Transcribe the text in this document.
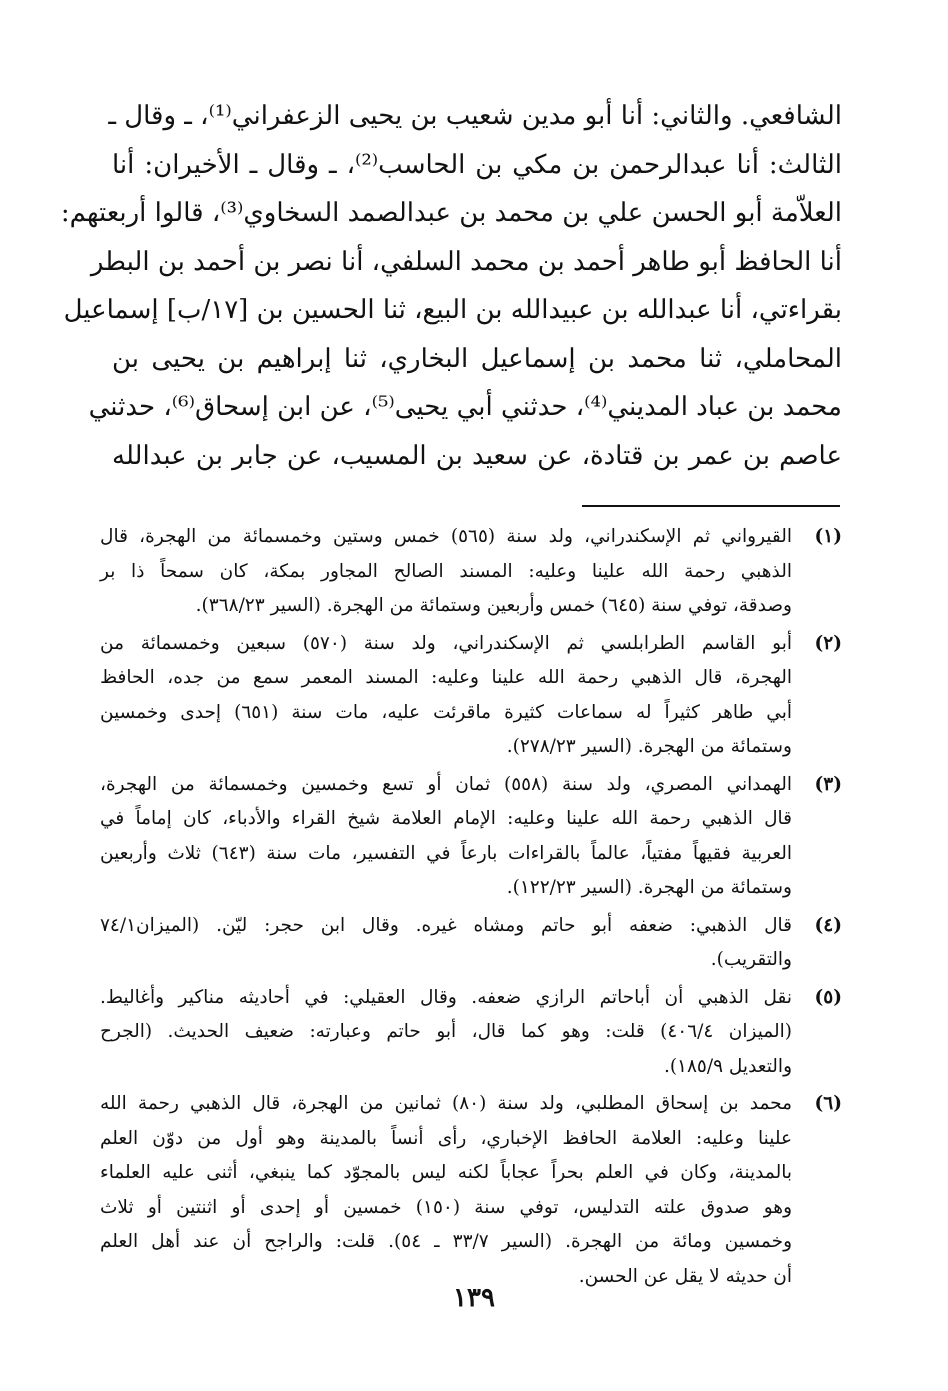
الشافعي. والثاني: أنا أبو مدين شعيب بن يحيى الزعفراني⁽¹⁾، ـ وقال ـ
الثالث: أنا عبدالرحمن بن مكي بن الحاسب⁽²⁾، ـ وقال ـ الأخيران: أنا
العلاّمة أبو الحسن علي بن محمد بن عبدالصمد السخاوي⁽³⁾، قالوا أربعتهم:
أنا الحافظ أبو طاهر أحمد بن محمد السلفي، أنا نصر بن أحمد بن البطر
بقراءتي، أنا عبدالله بن عبيدالله بن البيع، ثنا الحسين بن [١٧/ب] إسماعيل
المحاملي، ثنا محمد بن إسماعيل البخاري، ثنا إبراهيم بن يحيى بن
محمد بن عباد المديني⁽⁴⁾، حدثني أبي يحيى⁽⁵⁾، عن ابن إسحاق⁽⁶⁾، حدثني
عاصم بن عمر بن قتادة، عن سعيد بن المسيب، عن جابر بن عبدالله
(١)
القيرواني ثم الإسكندراني، ولد سنة (٥٦٥) خمس وستين وخمسمائة من الهجرة، قال
الذهبي رحمة الله علينا وعليه: المسند الصالح المجاور بمكة، كان سمحاً ذا بر
وصدقة، توفي سنة (٦٤٥) خمس وأربعين وستمائة من الهجرة. (السير ٣٦٨/٢٣).
(٢)
أبو القاسم الطرابلسي ثم الإسكندراني، ولد سنة (٥٧٠) سبعين وخمسمائة من
الهجرة، قال الذهبي رحمة الله علينا وعليه: المسند المعمر سمع من جده، الحافظ
أبي طاهر كثيراً له سماعات كثيرة ماقرئت عليه، مات سنة (٦٥١) إحدى وخمسين
وستمائة من الهجرة. (السير ٢٧٨/٢٣).
(٣)
الهمداني المصري، ولد سنة (٥٥٨) ثمان أو تسع وخمسين وخمسمائة من الهجرة،
قال الذهبي رحمة الله علينا وعليه: الإمام العلامة شيخ القراء والأدباء، كان إماماً في
العربية فقيهاً مفتياً، عالماً بالقراءات بارعاً في التفسير، مات سنة (٦٤٣) ثلاث وأربعين
وستمائة من الهجرة. (السير ١٢٢/٢٣).
(٤)
قال الذهبي: ضعفه أبو حاتم ومشاه غيره. وقال ابن حجر: ليّن. (الميزان٧٤/١
والتقريب).
(٥)
نقل الذهبي أن أباحاتم الرازي ضعفه. وقال العقيلي: في أحاديثه مناكير وأغاليط.
(الميزان ٤٠٦/٤) قلت: وهو كما قال، أبو حاتم وعبارته: ضعيف الحديث. (الجرح
والتعديل ١٨٥/٩).
(٦)
محمد بن إسحاق المطلبي، ولد سنة (٨٠) ثمانين من الهجرة، قال الذهبي رحمة الله
علينا وعليه: العلامة الحافظ الإخباري، رأى أنساً بالمدينة وهو أول من دوّن العلم
بالمدينة، وكان في العلم بحراً عجاباً لكنه ليس بالمجوّد كما ينبغي، أثنى عليه العلماء
وهو صدوق علته التدليس، توفي سنة (١٥٠) خمسين أو إحدى أو اثنتين أو ثلاث
وخمسين ومائة من الهجرة. (السير ٣٣/٧ ـ ٥٤). قلت: والراجح أن عند أهل العلم
أن حديثه لا يقل عن الحسن.
١٣٩
